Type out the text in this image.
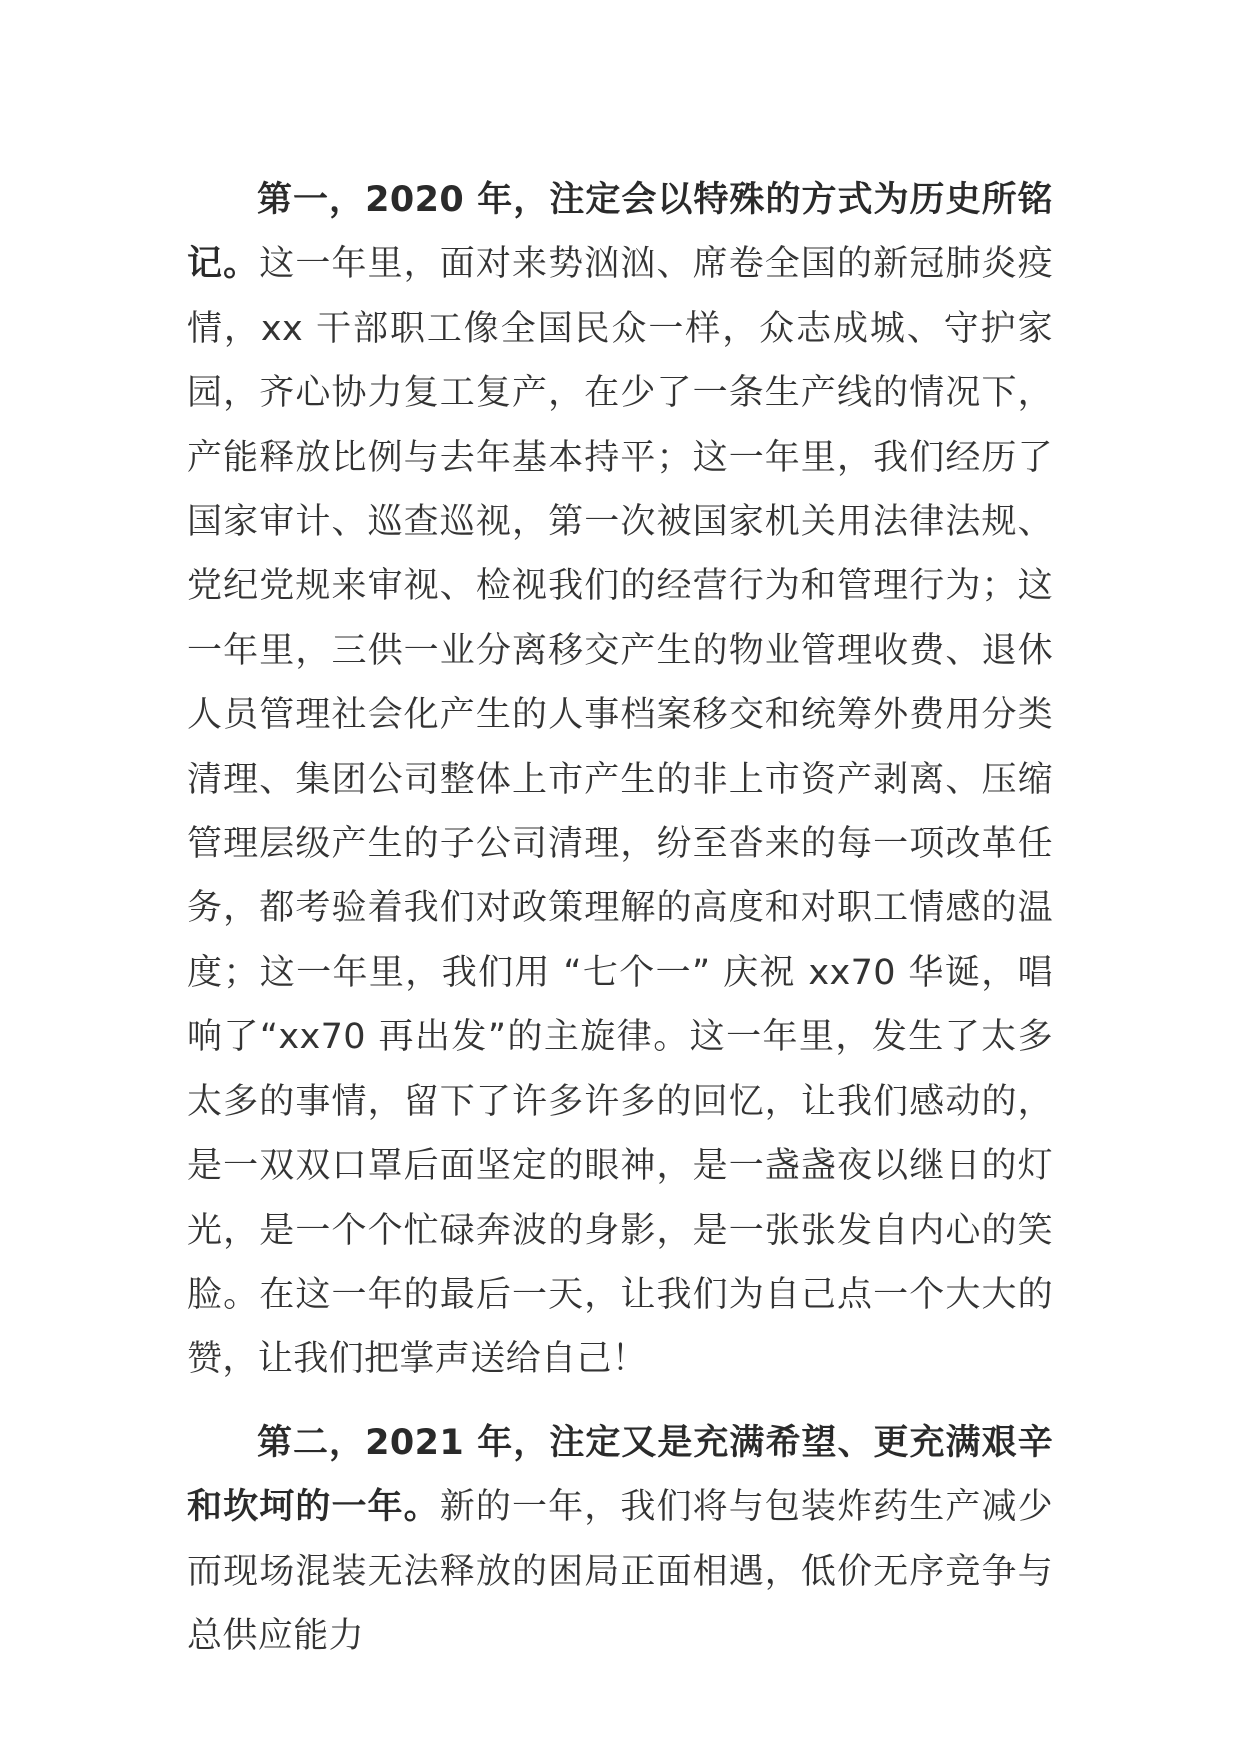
第一，2020 年，注定会以特殊的方式为历史所铭记。这一年里，面对来势汹汹、席卷全国的新冠肺炎疫情，xx 干部职工像全国民众一样，众志成城、守护家园，齐心协力复工复产，在少了一条生产线的情况下，产能释放比例与去年基本持平；这一年里，我们经历了国家审计、巡查巡视，第一次被国家机关用法律法规、党纪党规来审视、检视我们的经营行为和管理行为；这一年里，三供一业分离移交产生的物业管理收费、退休人员管理社会化产生的人事档案移交和统筹外费用分类清理、集团公司整体上市产生的非上市资产剥离、压缩管理层级产生的子公司清理，纷至沓来的每一项改革任务，都考验着我们对政策理解的高度和对职工情感的温度；这一年里，我们用 “七个一” 庆祝 xx70 华诞，唱响了“xx70 再出发”的主旋律。这一年里，发生了太多太多的事情，留下了许多许多的回忆，让我们感动的，是一双双口罩后面坚定的眼神，是一盏盏夜以继日的灯光，是一个个忙碌奔波的身影，是一张张发自内心的笑脸。在这一年的最后一天，让我们为自己点一个大大的赞，让我们把掌声送给自己！

第二，2021 年，注定又是充满希望、更充满艰辛和坎坷的一年。新的一年，我们将与包装炸药生产减少而现场混装无法释放的困局正面相遇，低价无序竞争与总供应能力
